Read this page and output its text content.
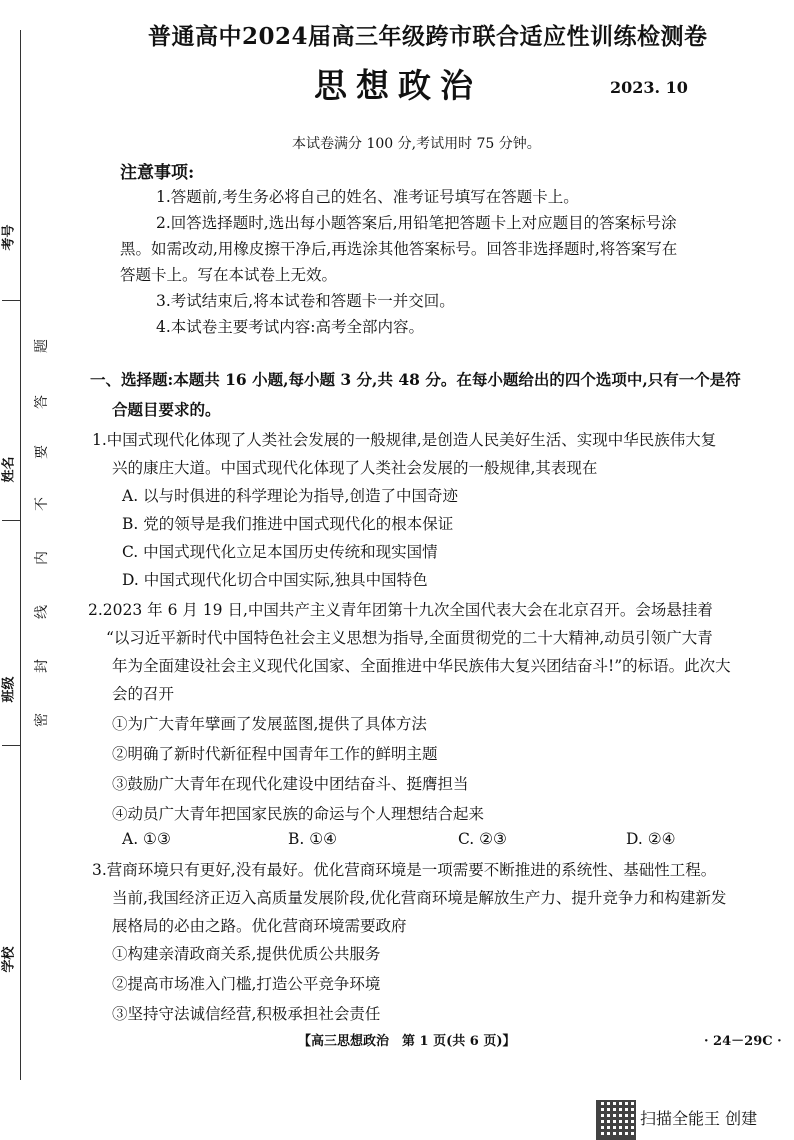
考号
姓名
班级
学校
题
答
要
不
内
线
封
密
普通高中2024届高三年级跨市联合适应性训练检测卷
思想政治	2023. 10
本试卷满分 100 分,考试用时 75 分钟。
注意事项:
1.答题前,考生务必将自己的姓名、准考证号填写在答题卡上。
2.回答选择题时,选出每小题答案后,用铅笔把答题卡上对应题目的答案标号涂
黑。如需改动,用橡皮擦干净后,再选涂其他答案标号。回答非选择题时,将答案写在
答题卡上。写在本试卷上无效。
3.考试结束后,将本试卷和答题卡一并交回。
4.本试卷主要考试内容:高考全部内容。
一、选择题:本题共 16 小题,每小题 3 分,共 48 分。在每小题给出的四个选项中,只有一个是符
合题目要求的。
1.中国式现代化体现了人类社会发展的一般规律,是创造人民美好生活、实现中华民族伟大复
兴的康庄大道。中国式现代化体现了人类社会发展的一般规律,其表现在
A. 以与时俱进的科学理论为指导,创造了中国奇迹
B. 党的领导是我们推进中国式现代化的根本保证
C. 中国式现代化立足本国历史传统和现实国情
D. 中国式现代化切合中国实际,独具中国特色
2.2023 年 6 月 19 日,中国共产主义青年团第十九次全国代表大会在北京召开。会场悬挂着
“以习近平新时代中国特色社会主义思想为指导,全面贯彻党的二十大精神,动员引领广大青
年为全面建设社会主义现代化国家、全面推进中华民族伟大复兴团结奋斗!”的标语。此次大
会的召开
①为广大青年擘画了发展蓝图,提供了具体方法
②明确了新时代新征程中国青年工作的鲜明主题
③鼓励广大青年在现代化建设中团结奋斗、挺膺担当
④动员广大青年把国家民族的命运与个人理想结合起来
A. ①③	B. ①④	C. ②③	D. ②④
3.营商环境只有更好,没有最好。优化营商环境是一项需要不断推进的系统性、基础性工程。
当前,我国经济正迈入高质量发展阶段,优化营商环境是解放生产力、提升竞争力和构建新发
展格局的必由之路。优化营商环境需要政府
①构建亲清政商关系,提供优质公共服务
②提高市场准入门槛,打造公平竞争环境
③坚持守法诚信经营,积极承担社会责任
【高三思想政治　第 1 页(共 6 页)】	· 24－29C ·
扫描全能王 创建
